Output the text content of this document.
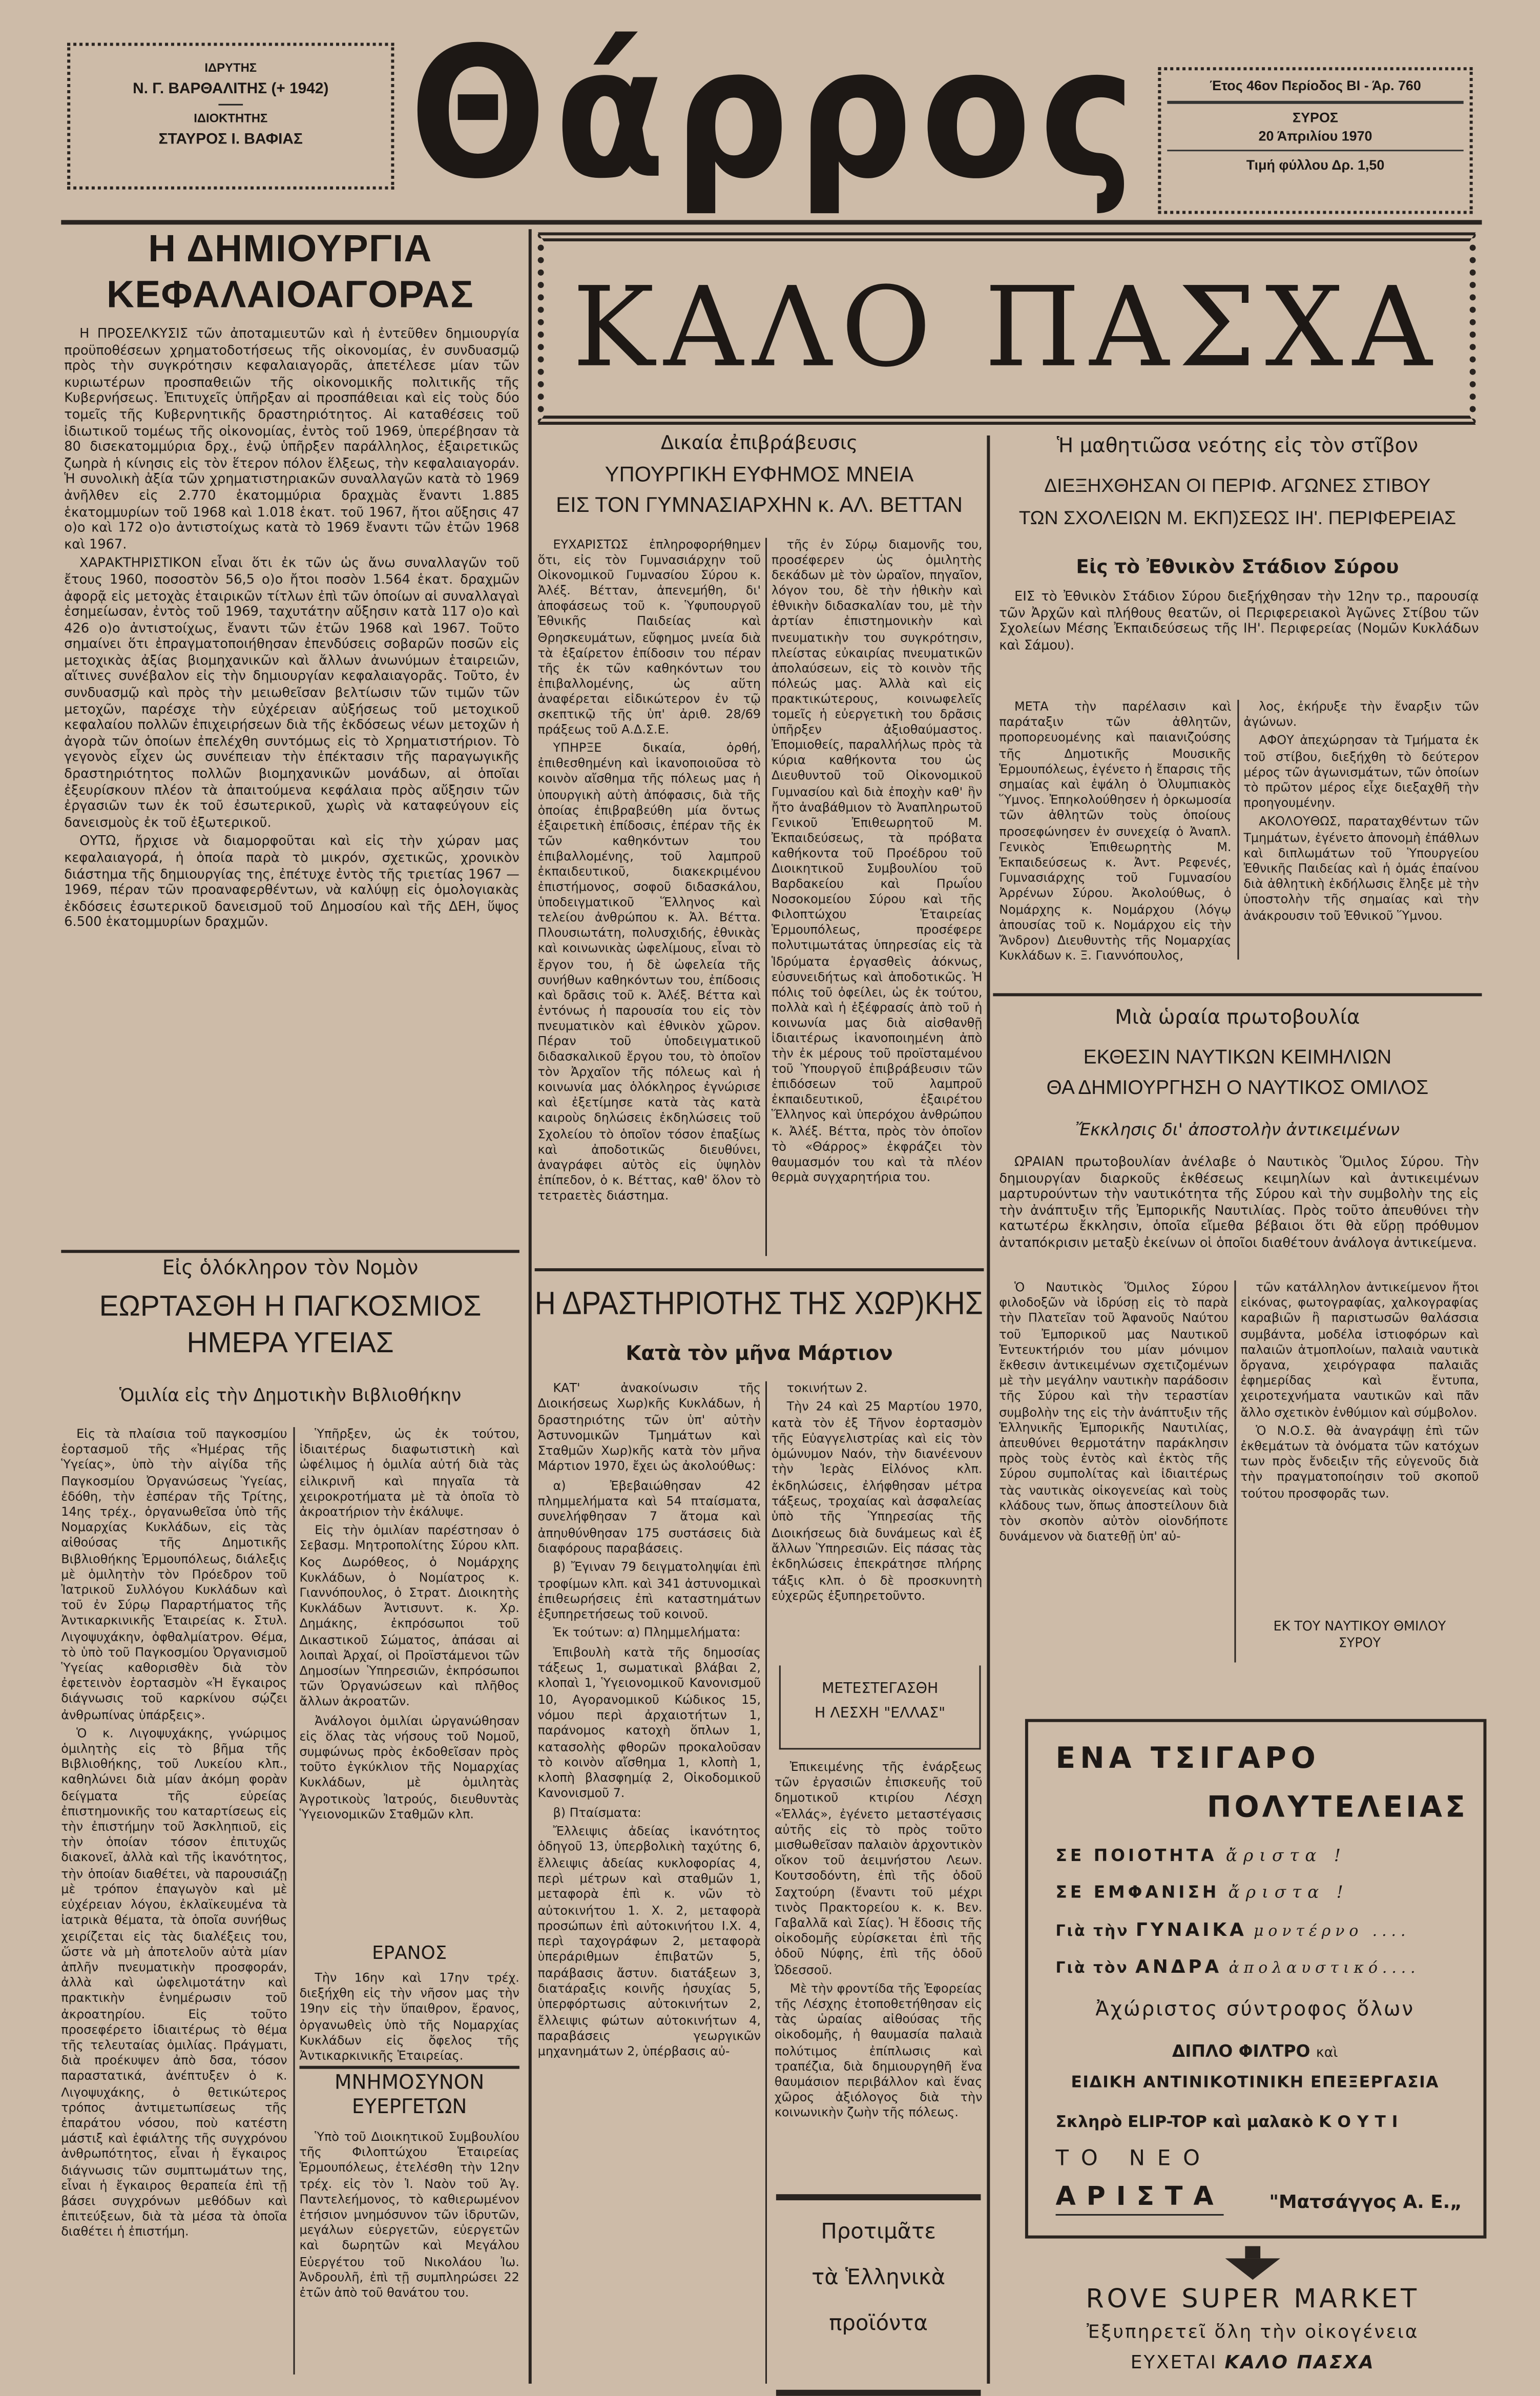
ΙΔΡΥΤΗΣ
Ν. Γ. ΒΑΡΘΑΛΙΤΗΣ (+ 1942)
ΙΔΙΟΚΤΗΤΗΣ
ΣΤΑΥΡΟΣ Ι. ΒΑΦΙΑΣ	Θάρρος	Έτος 46ον Περίοδος ΒΙ - Άρ. 760
ΣΥΡΟΣ
20 Άπριλίου 1970
Τιμή φύλλου Δρ. 1,50
Η ΔΗΜΙΟΥΡΓΙΑ
ΚΕΦΑΛΑΙΟΑΓΟΡΑΣ

Η ΠΡΟΣΕΛΚΥΣΙΣ τῶν ἀποταμιευτῶν καὶ ἡ ἐντεῦθεν δημιουργία προϋποθέσεων χρηματοδοτήσεως τῆς οἰκονομίας, ἐν συνδυασμῷ πρὸς τὴν συγκρότησιν κεφαλαιαγορᾶς, ἀπετέλεσε μίαν τῶν κυριωτέρων προσπαθειῶν τῆς οἰκονομικῆς πολιτικῆς τῆς Κυβερνήσεως. Ἐπιτυχεῖς ὑπῆρξαν αἱ προσπάθειαι καὶ εἰς τοὺς δύο τομεῖς τῆς Κυβερνητικῆς δραστηριότητος. Αἱ καταθέσεις τοῦ ἰδιωτικοῦ τομέως τῆς οἰκονομίας, ἐντὸς τοῦ 1969, ὑπερέβησαν τὰ 80 δισεκατομμύρια δρχ., ἐνῷ ὑπῆρξεν παράλληλος, ἐξαιρετικῶς ζωηρὰ ἡ κίνησις εἰς τὸν ἕτερον πόλον ἕλξεως, τὴν κεφαλαιαγοράν. Ἡ συνολικὴ ἀξία τῶν χρηματιστηριακῶν συναλλαγῶν κατὰ τὸ 1969 ἀνῆλθεν εἰς 2.770 ἑκατομμύρια δραχμὰς ἔναντι 1.885 ἑκατομμυρίων τοῦ 1968 καὶ 1.018 ἑκατ. τοῦ 1967, ἤτοι αὔξησις 47 ο)ο καὶ 172 ο)ο ἀντιστοίχως κατὰ τὸ 1969 ἔναντι τῶν ἐτῶν 1968 καὶ 1967.

ΧΑΡΑΚΤΗΡΙΣΤΙΚΟΝ εἶναι ὅτι ἐκ τῶν ὡς ἄνω συναλλαγῶν τοῦ ἔτους 1960, ποσοστὸν 56,5 ο)ο ἤτοι ποσὸν 1.564 ἑκατ. δραχμῶν ἀφορᾷ εἰς μετοχὰς ἑταιρικῶν τίτλων ἐπὶ τῶν ὁποίων αἱ συναλλαγαὶ ἐσημείωσαν, ἐντὸς τοῦ 1969, ταχυτάτην αὔξησιν κατὰ 117 ο)ο καὶ 426 ο)ο ἀντιστοίχως, ἔναντι τῶν ἐτῶν 1968 καὶ 1967. Τοῦτο σημαίνει ὅτι ἐπραγματοποιήθησαν ἐπενδύσεις σοβαρῶν ποσῶν εἰς μετοχικὰς ἀξίας βιομηχανικῶν καὶ ἄλλων ἀνωνύμων ἑταιρειῶν, αἵτινες συνέβαλον εἰς τὴν δημιουργίαν κεφαλαιαγορᾶς. Τοῦτο, ἐν συνδυασμῷ καὶ πρὸς τὴν μειωθεῖσαν βελτίωσιν τῶν τιμῶν τῶν μετοχῶν, παρέσχε τὴν εὐχέρειαν αὐξήσεως τοῦ μετοχικοῦ κεφαλαίου πολλῶν ἐπιχειρήσεων διὰ τῆς ἐκδόσεως νέων μετοχῶν ἡ ἀγορὰ τῶν ὁποίων ἐπελέχθη συντόμως εἰς τὸ Χρηματιστήριον. Τὸ γεγονὸς εἶχεν ὡς συνέπειαν τὴν ἐπέκτασιν τῆς παραγωγικῆς δραστηριότητος πολλῶν βιομηχανικῶν μονάδων, αἱ ὁποῖαι ἐξευρίσκουν πλέον τὰ ἀπαιτούμενα κεφάλαια πρὸς αὔξησιν τῶν ἐργασιῶν των ἐκ τοῦ ἐσωτερικοῦ, χωρὶς νὰ καταφεύγουν εἰς δανεισμοὺς ἐκ τοῦ ἐξωτερικοῦ.

ΟΥΤΩ, ἤρχισε νὰ διαμορφοῦται καὶ εἰς τὴν χώραν μας κεφαλαιαγορά, ἡ ὁποία παρὰ τὸ μικρόν, σχετικῶς, χρονικὸν διάστημα τῆς δημιουργίας της, ἐπέτυχε ἐντὸς τῆς τριετίας 1967 — 1969, πέραν τῶν προαναφερθέντων, νὰ καλύψῃ εἰς ὁμολογιακὰς ἐκδόσεις ἐσωτερικοῦ δανεισμοῦ τοῦ Δημοσίου καὶ τῆς ΔΕΗ, ὕψος 6.500 ἑκατομμυρίων δραχμῶν.

Εἰς ὁλόκληρον τὸν Νομὸν
ΕΩΡΤΑΣΘΗ Η ΠΑΓΚΟΣΜΙΟΣ
ΗΜΕΡΑ ΥΓΕΙΑΣ
Ὁμιλία εἰς τὴν Δημοτικὴν Βιβλιοθήκην

Εἰς τὰ πλαίσια τοῦ παγκοσμίου ἑορτασμοῦ τῆς «Ἡμέρας τῆς Ὑγείας», ὑπὸ τὴν αἰγίδα τῆς Παγκοσμίου Ὀργανώσεως Ὑγείας, ἐδόθη, τὴν ἑσπέραν τῆς Τρίτης, 14ης τρέχ., ὀργανωθεῖσα ὑπὸ τῆς Νομαρχίας Κυκλάδων, εἰς τὰς αἰθούσας τῆς Δημοτικῆς Βιβλιοθήκης Ἑρμουπόλεως, διάλεξις μὲ ὁμιλητὴν τὸν Πρόεδρον τοῦ Ἰατρικοῦ Συλλόγου Κυκλάδων καὶ τοῦ ἐν Σύρῳ Παραρτήματος τῆς Ἀντικαρκινικῆς Ἑταιρείας κ. Στυλ. Λιγοψυχάκην, ὀφθαλμίατρον. Θέμα, τὸ ὑπὸ τοῦ Παγκοσμίου Ὀργανισμοῦ Ὑγείας καθορισθὲν διὰ τὸν ἐφετεινὸν ἑορτασμὸν «Ἡ ἔγκαιρος διάγνωσις τοῦ καρκίνου σῴζει ἀνθρωπίνας ὑπάρξεις».

Ὁ κ. Λιγοψυχάκης, γνώριμος ὁμιλητὴς εἰς τὸ βῆμα τῆς Βιβλιοθήκης, τοῦ Λυκείου κλπ., καθηλώνει διὰ μίαν ἀκόμη φορὰν δείγματα τῆς εὐρείας ἐπιστημονικῆς του καταρτίσεως εἰς τὴν ἐπιστήμην τοῦ Ἀσκληπιοῦ, εἰς τὴν ὁποίαν τόσον ἐπιτυχῶς διακονεῖ, ἀλλὰ καὶ τῆς ἱκανότητος, τὴν ὁποίαν διαθέτει, νὰ παρουσιάζῃ μὲ τρόπον ἐπαγωγὸν καὶ μὲ εὐχέρειαν λόγου, ἐκλαϊκευμένα τὰ ἰατρικὰ θέματα, τὰ ὁποῖα συνήθως χειρίζεται εἰς τὰς διαλέξεις του, ὥστε νὰ μὴ ἀποτελοῦν αὐτὰ μίαν ἀπλῆν πνευματικὴν προσφοράν, ἀλλὰ καὶ ὠφελιμοτάτην καὶ πρακτικὴν ἐνημέρωσιν τοῦ ἀκροατηρίου. Εἰς τοῦτο προσεφέρετο ἰδιαιτέρως τὸ θέμα τῆς τελευταίας ὁμιλίας. Πράγματι, διὰ προέκυψεν ἀπὸ δσα, τόσον παραστατικά, ἀνέπτυξεν ὁ κ. Λιγοψυχάκης, ὁ θετικώτερος τρόπος ἀντιμετωπίσεως τῆς ἐπαράτου νόσου, ποὺ κατέστη μάστιξ καὶ ἐφιάλτης τῆς συγχρόνου ἀνθρωπότητος, εἶναι ἡ ἔγκαιρος διάγνωσις τῶν συμπτωμάτων της, εἶναι ἡ ἔγκαιρος θεραπεία ἐπὶ τῇ βάσει συγχρόνων μεθόδων καὶ ἐπιτεύξεων, διὰ τὰ μέσα τὰ ὁποῖα διαθέτει ἡ ἐπιστήμη.

Ὑπῆρξεν, ὡς ἐκ τούτου, ἰδιαιτέρως διαφωτιστικὴ καὶ ὠφέλιμος ἡ ὁμιλία αὐτή διὰ τὰς εἰλικρινῆ καὶ πηγαῖα τὰ χειροκροτήματα μὲ τὰ ὁποῖα τὸ ἀκροατήριον τὴν ἐκάλυψε.

Εἰς τὴν ὁμιλίαν παρέστησαν ὁ Σεβασμ. Μητροπολίτης Σύρου κλπ. Κος Δωρόθεος, ὁ Νομάρχης Κυκλάδων, ὁ Νομίατρος κ. Γιαννόπουλος, ὁ Στρατ. Διοικητὴς Κυκλάδων Ἀντισυντ. κ. Χρ. Δημάκης, ἐκπρόσωποι τοῦ Δικαστικοῦ Σώματος, ἀπάσαι αἱ λοιπαὶ Ἀρχαί, οἱ Προϊστάμενοι τῶν Δημοσίων Ὑπηρεσιῶν, ἐκπρόσωποι τῶν Ὀργανώσεων καὶ πλῆθος ἄλλων ἀκροατῶν.

Ἀνάλογοι ὁμιλίαι ὠργανώθησαν εἰς ὅλας τὰς νήσους τοῦ Νομοῦ, συμφώνως πρὸς ἐκδοθεῖσαν πρὸς τοῦτο ἐγκύκλιον τῆς Νομαρχίας Κυκλάδων, μὲ ὁμιλητὰς Ἀγροτικοὺς Ἰατρούς, διευθυντὰς Ὑγειονομικῶν Σταθμῶν κλπ.

ΕΡΑΝΟΣ

Τὴν 16ην καὶ 17ην τρέχ. διεξήχθη εἰς τὴν νῆσον μας τὴν 19ην εἰς τὴν ὕπαιθρον, ἔρανος, ὀργανωθεὶς ὑπὸ τῆς Νομαρχίας Κυκλάδων εἰς ὄφελος τῆς Ἀντικαρκινικῆς Ἑταιρείας.

ΜΝΗΜΟΣΥΝΟΝ
ΕΥΕΡΓΕΤΩΝ

Ὑπὸ τοῦ Διοικητικοῦ Συμβουλίου τῆς Φιλοπτώχου Ἑταιρείας Ἑρμουπόλεως, ἐτελέσθη τὴν 12ην τρέχ. εἰς τὸν Ἱ. Ναὸν τοῦ Ἁγ. Παντελεήμονος, τὸ καθιερωμένον ἐτήσιον μνημόσυνον τῶν ἱδρυτῶν, μεγάλων εὐεργετῶν, εὐεργετῶν καὶ δωρητῶν καὶ Μεγάλου Εὐεργέτου τοῦ Νικολάου Ἰω. Ἀνδρουλῆ, ἐπὶ τῇ συμπληρώσει 22 ἐτῶν ἀπὸ τοῦ θανάτου του.

ΚΑΛΟ ΠΑΣΧΑ
Δικαία ἐπιβράβευσις
ΥΠΟΥΡΓΙΚΗ ΕΥΦΗΜΟΣ ΜΝΕΙΑ
ΕΙΣ ΤΟΝ ΓΥΜΝΑΣΙΑΡΧΗΝ κ. ΑΛ. ΒΕΤΤΑΝ

ΕΥΧΑΡΙΣΤΩΣ ἐπληροφορήθημεν ὅτι, εἰς τὸν Γυμνασιάρχην τοῦ Οἰκονομικοῦ Γυμνασίου Σύρου κ. Ἀλέξ. Βέτταν, ἀπενεμήθη, δι' ἀποφάσεως τοῦ κ. Ὑφυπουργοῦ Ἐθνικῆς Παιδείας καὶ Θρησκευμάτων, εὔφημος μνεία διὰ τὰ ἐξαίρετον ἐπίδοσιν του πέραν τῆς ἐκ τῶν καθηκόντων του ἐπιβαλλομένης, ὡς αὕτη ἀναφέρεται εἰδικώτερον ἐν τῷ σκεπτικῷ τῆς ὑπ' ἀριθ. 28/69 πράξεως τοῦ Α.Δ.Σ.Ε.

ΥΠΗΡΞΕ δικαία, ὀρθή, ἐπιθεσθημένη καὶ ἱκανοποιοῦσα τὸ κοινὸν αἴσθημα τῆς πόλεως μας ἡ ὑπουργικὴ αὐτὴ ἀπόφασις, διὰ τῆς ὁποίας ἐπιβραβεύθη μία ὄντως ἐξαιρετικὴ ἐπίδοσις, ἐπέραν τῆς ἐκ τῶν καθηκόντων του ἐπιβαλλομένης, τοῦ λαμπροῦ ἐκπαιδευτικοῦ, διακεκριμένου ἐπιστήμονος, σοφοῦ διδασκάλου, ὑποδειγματικοῦ Ἕλληνος καὶ τελείου ἀνθρώπου κ. Ἀλ. Βέττα. Πλουσιωτάτη, πολυσχιδής, ἐθνικὰς καὶ κοινωνικὰς ὠφελίμους, εἶναι τὸ ἔργον του, ἡ δὲ ὠφελεία τῆς συνήθων καθηκόντων του, ἐπίδοσις καὶ δρᾶσις τοῦ κ. Ἀλέξ. Βέττα καὶ ἐντόνως ἡ παρουσία του εἰς τὸν πνευματικὸν καὶ ἐθνικὸν χῶρον. Πέραν τοῦ ὑποδειγματικοῦ διδασκαλικοῦ ἔργου του, τὸ ὁποῖον τὸν Ἀρχαῖον τῆς πόλεως καὶ ἡ κοινωνία μας ὁλόκληρος ἐγνώρισε καὶ ἐξετίμησε κατὰ τὰς κατὰ καιροὺς δηλώσεις ἐκδηλώσεις τοῦ Σχολείου τὸ ὁποῖον τόσον ἐπαξίως καὶ ἀποδοτικῶς διευθύνει, ἀναγράφει αὐτὸς εἰς ὑψηλὸν ἐπίπεδον, ὁ κ. Βέττας, καθ' ὅλον τὸ τετραετὲς διάστημα.

τῆς ἐν Σύρῳ διαμονῆς του, προσέφερεν ὡς ὁμιλητὴς δεκάδων μὲ τὸν ὡραῖον, πηγαῖον, λόγον του, δὲ τὴν ἠθικὴν καὶ ἐθνικὴν διδασκαλίαν του, μὲ τὴν ἀρτίαν ἐπιστημονικὴν καὶ πνευματικὴν του συγκρότησιν, πλείστας εὐκαιρίας πνευματικῶν ἀπολαύσεων, εἰς τὸ κοινὸν τῆς πόλεώς μας. Ἀλλὰ καὶ εἰς πρακτικώτερους, κοινωφελεῖς τομεῖς ἡ εὐεργετικὴ του δρᾶσις ὑπῆρξεν ἀξιοθαύμαστος. Ἐπομιοθείς, παραλλήλως πρὸς τὰ κύρια καθήκοντα του ὡς Διευθυντοῦ τοῦ Οἰκονομικοῦ Γυμνασίου καὶ διὰ ἐποχὴν καθ' ἣν ἤτο ἀναβάθμιον τὸ Ἀναπληρωτοῦ Γενικοῦ Ἐπιθεωρητοῦ Μ. Ἐκπαιδεύσεως, τὰ πρόβατα καθήκοντα τοῦ Προέδρου τοῦ Διοικητικοῦ Συμβουλίου τοῦ Βαρδακείου καὶ Πρωΐου Νοσοκομείου Σύρου καὶ τῆς Φιλοπτώχου Ἑταιρείας Ἑρμουπόλεως, προσέφερε πολυτιμωτάτας ὑπηρεσίας εἰς τὰ Ἱδρύματα ἐργασθεὶς ἀόκνως, εὐσυνειδήτως καὶ ἀποδοτικῶς. Ἡ πόλις τοῦ ὀφείλει, ὡς ἐκ τούτου, πολλὰ καὶ ἡ ἐξέφρασίς ἀπὸ τοῦ ἡ κοινωνία μας διὰ αἰσθανθῇ ἰδιαιτέρως ἱκανοποιημένη ἀπὸ τὴν ἐκ μέρους τοῦ προϊσταμένου τοῦ Ὑπουργοῦ ἐπιβράβευσιν τῶν ἐπιδόσεων τοῦ λαμπροῦ ἐκπαιδευτικοῦ, ἐξαιρέτου Ἕλληνος καὶ ὑπερόχου ἀνθρώπου κ. Ἀλέξ. Βέττα, πρὸς τὸν ὁποῖον τὸ «Θάρρος» ἐκφράζει τὸν θαυμασμόν του καὶ τὰ πλέον θερμὰ συγχαρητήρια του.

Η ΔΡΑΣΤΗΡΙΟΤΗΣ ΤΗΣ ΧΩΡ)ΚΗΣ
Κατὰ τὸν μῆνα Μάρτιον

ΚΑΤ' ἀνακοίνωσιν τῆς Διοικήσεως Χωρ)κῆς Κυκλάδων, ἡ δραστηριότης τῶν ὑπ' αὐτὴν Ἀστυνομικῶν Τμημάτων καὶ Σταθμῶν Χωρ)κῆς κατὰ τὸν μῆνα Μάρτιον 1970, ἔχει ὡς ἀκολούθως:

α) Ἐβεβαιώθησαν 42 πλημμελήματα καὶ 54 πταίσματα, συνελήφθησαν 7 ἄτομα καὶ ἀπηυθύνθησαν 175 συστάσεις διὰ διαφόρους παραβάσεις.

β) Ἔγιναν 79 δειγματοληψίαι ἐπὶ τροφίμων κλπ. καὶ 341 ἀστυνομικαὶ ἐπιθεωρήσεις ἐπὶ καταστημάτων ἐξυπηρετήσεως τοῦ κοινοῦ.

Ἐκ τούτων: α) Πλημμελήματα:

Ἐπιβουλὴ κατὰ τῆς δημοσίας τάξεως 1, σωματικαὶ βλάβαι 2, κλοπαὶ 1, Ὑγειονομικοῦ Κανονισμοῦ 10, Αγορανομικοῦ Κώδικος 15, νόμου περὶ ἀρχαιοτήτων 1, παράνομος κατοχὴ ὅπλων 1, κατασολὴς φθορῶν προκαλοῦσαν τὸ κοινὸν αἴσθημα 1, κλοπὴ 1, κλοπὴ βλασφημίᾳ 2, Οἰκοδομικοῦ Κανονισμοῦ 7.

β) Πταίσματα:

Ἔλλειψις ἀδείας ἱκανότητος ὁδηγοῦ 13, ὑπερβολικὴ ταχύτης 6, ἔλλειψις ἀδείας κυκλοφορίας 4, περὶ μέτρων καὶ σταθμῶν 1, μεταφορὰ ἐπὶ κ. νῶν τὸ αὐτοκινήτου 1. Χ. 2, μεταφορὰ προσώπων ἐπὶ αὐτοκινήτου Ι.Χ. 4, περὶ ταχογράφων 2, μεταφορὰ ὑπεράριθμων ἐπιβατῶν 5, παράβασις ἄστυν. διατάξεων 3, διατάραξις κοινῆς ἡσυχίας 5, ὑπερφόρτωσις αὐτοκινήτων 2, ἔλλειψις φώτων αὐτοκινήτων 4, παραβάσεις γεωργικῶν μηχανημάτων 2, ὑπέρβασις αὐ-

τοκινήτων 2.

Τὴν 24 καὶ 25 Μαρτίου 1970, κατὰ τὸν ἐξ Τῆνον ἑορτασμὸν τῆς Εὐαγγελιστρίας καὶ εἰς τὸν ὁμώνυμον Ναόν, τὴν διανέενουν τὴν Ἱερὰς Εἰλόνος κλπ. ἐκδηλώσεις, ἐλήφθησαν μέτρα τάξεως, τροχαίας καὶ ἀσφαλείας ὑπὸ τῆς Ὑπηρεσίας τῆς Διοικήσεως διὰ δυνάμεως καὶ ἐξ ἄλλων Ὑπηρεσιῶν. Εἰς πάσας τὰς ἐκδηλώσεις ἐπεκράτησε πλήρης τάξις κλπ. ὁ δὲ προσκυνητὴ εὐχερῶς ἐξυπηρετοῦντο.

ΜΕΤΕΣΤΕΓΑΣΘΗ
Η ΛΕΣΧΗ "ΕΛΛΑΣ"

Ἐπικειμένης τῆς ἐνάρξεως τῶν ἐργασιῶν ἐπισκευῆς τοῦ δημοτικοῦ κτιρίου Λέσχη «Ἑλλάς», ἐγένετο μεταστέγασις αὐτῆς εἰς τὸ πρὸς τοῦτο μισθωθεῖσαν παλαιὸν ἀρχοντικὸν οἴκον τοῦ ἀειμνήστου Λεων. Κουτσοδόντη, ἐπὶ τῆς ὁδοῦ Σαχτούρη (ἔναντι τοῦ μέχρι τινὸς Πρακτορείου κ. κ. Βεν. Γαβαλλᾶ καὶ Σίας). Ἡ ἔδοσις τῆς οἰκοδομῆς εὑρίσκεται ἐπὶ τῆς ὁδοῦ Νύφης, ἐπὶ τῆς ὁδοῦ Ὠδεσσοῦ.

Μὲ τὴν φροντίδα τῆς Ἐφορείας τῆς Λέσχης ἐτοποθετήθησαν εἰς τὰς ὡραίας αἰθούσας τῆς οἰκοδομῆς, ἡ θαυμασία παλαιὰ πολύτιμος ἐπίπλωσις καὶ τραπέζια, διὰ δημιουργηθῆ ἕνα θαυμάσιον περιβάλλον καὶ ἕνας χῶρος ἀξιόλογος διὰ τὴν κοινωνικὴν ζωὴν τῆς πόλεως.

Προτιμᾶτε
τὰ Ἑλληνικὰ
προϊόντα
Ἡ μαθητιῶσα νεότης εἰς τὸν στῖβον
ΔΙΕΞΗΧΘΗΣΑΝ ΟΙ ΠΕΡΙΦ. ΑΓΩΝΕΣ ΣΤΙΒΟΥ
ΤΩΝ ΣΧΟΛΕΙΩΝ Μ. ΕΚΠ)ΣΕΩΣ ΙΗ'. ΠΕΡΙΦΕΡΕΙΑΣ
Εἰς τὸ Ἐθνικὸν Στάδιον Σύρου

ΕΙΣ τὸ Ἐθνικὸν Στάδιον Σύρου διεξήχθησαν τὴν 12ην τρ., παρουσίᾳ τῶν Ἀρχῶν καὶ πλήθους θεατῶν, οἱ Περιφερειακοὶ Ἀγῶνες Στίβου τῶν Σχολείων Μέσης Ἐκπαιδεύσεως τῆς ΙΗ'. Περιφερείας (Νομῶν Κυκλάδων καὶ Σάμου).

ΜΕΤΑ τὴν παρέλασιν καὶ παράταξιν τῶν ἀθλητῶν, προπορευομένης καὶ παιανιζούσης τῆς Δημοτικῆς Μουσικῆς Ἑρμουπόλεως, ἐγένετο ἡ ἔπαρσις τῆς σημαίας καὶ ἐψάλη ὁ Ὀλυμπιακὸς Ὕμνος. Ἐπηκολούθησεν ἡ ὁρκωμοσία τῶν ἀθλητῶν τοὺς ὁποίους προσεφώνησεν ἐν συνεχείᾳ ὁ Ἀναπλ. Γενικὸς Ἐπιθεωρητὴς Μ. Ἐκπαιδεύσεως κ. Ἀντ. Ρεφενές, Γυμνασιάρχης τοῦ Γυμνασίου Ἀρρένων Σύρου. Ἀκολούθως, ὁ Νομάρχης κ. Νομάρχου (λόγῳ ἀπουσίας τοῦ κ. Νομάρχου εἰς τὴν Ἄνδρον) Διευθυντὴς τῆς Νομαρχίας Κυκλάδων κ. Ξ. Γιαννόπουλος,

λος, ἐκήρυξε τὴν ἔναρξιν τῶν ἀγώνων.

ΑΦΟΥ ἀπεχώρησαν τὰ Τμήματα ἐκ τοῦ στίβου, διεξήχθη τὸ δεύτερον μέρος τῶν ἀγωνισμάτων, τῶν ὁποίων τὸ πρῶτον μέρος εἶχε διεξαχθῆ τὴν προηγουμένην.

ΑΚΟΛΟΥΘΩΣ, παραταχθέντων τῶν Τμημάτων, ἐγένετο ἀπονομὴ ἐπάθλων καὶ διπλωμάτων τοῦ Ὑπουργείου Ἐθνικῆς Παιδείας καὶ ἡ ὁμάς ἐπαίνου διὰ ἀθλητικὴ ἐκδήλωσις ἔληξε μὲ τὴν ὑποστολὴν τῆς σημαίας καὶ τὴν ἀνάκρουσιν τοῦ Ἐθνικοῦ Ὕμνου.

Μιὰ ὡραία πρωτοβουλία
ΕΚΘΕΣΙΝ ΝΑΥΤΙΚΩΝ ΚΕΙΜΗΛΙΩΝ
ΘΑ ΔΗΜΙΟΥΡΓΗΣΗ Ο ΝΑΥΤΙΚΟΣ ΟΜΙΛΟΣ
Ἔκκλησις δι' ἀποστολὴν ἀντικειμένων

ΩΡΑΙΑΝ πρωτοβουλίαν ἀνέλαβε ὁ Ναυτικὸς Ὅμιλος Σύρου. Τὴν δημιουργίαν διαρκοῦς ἐκθέσεως κειμηλίων καὶ ἀντικειμένων μαρτυρούντων τὴν ναυτικότητα τῆς Σύρου καὶ τὴν συμβολὴν της εἰς τὴν ἀνάπτυξιν τῆς Ἐμπορικῆς Ναυτιλίας. Πρὸς τοῦτο ἀπευθύνει τὴν κατωτέρω ἔκκλησιν, ὁποῖα εἴμεθα βέβαιοι ὅτι θὰ εὕρῃ πρόθυμον ἀνταπόκρισιν μεταξὺ ἐκείνων οἱ ὁποῖοι διαθέτουν ἀνάλογα ἀντικείμενα.

Ὁ Ναυτικὸς Ὅμιλος Σύρου φιλοδοξῶν νὰ ἱδρύσῃ εἰς τὸ παρὰ τὴν Πλατεῖαν τοῦ Ἀφανοῦς Ναύτου τοῦ Ἐμπορικοῦ μας Ναυτικοῦ Ἐντευκτήριόν του μίαν μόνιμον ἔκθεσιν ἀντικειμένων σχετιζομένων μὲ τὴν μεγάλην ναυτικὴν παράδοσιν τῆς Σύρου καὶ τὴν τεραστίαν συμβολὴν της εἰς τὴν ἀνάπτυξιν τῆς Ἑλληνικῆς Ἐμπορικῆς Ναυτιλίας, ἀπευθύνει θερμοτάτην παράκλησιν πρὸς τοὺς ἐντὸς καὶ ἐκτὸς τῆς Σύρου συμπολίτας καὶ ἰδιαιτέρως τὰς ναυτικὰς οἰκογενείας καὶ τοὺς κλάδους των, ὅπως ἀποστείλουν διὰ τὸν σκοπὸν αὐτὸν οἱονδήποτε δυνάμενον νὰ διατεθῇ ὑπ' αὐ-

τῶν κατάλληλον ἀντικείμενον ἤτοι εἰκόνας, φωτογραφίας, χαλκογραφίας καραβιῶν ἢ παριστωσῶν θαλάσσια συμβάντα, μοδέλα ἱστιοφόρων καὶ παλαιῶν ἀτμοπλοίων, παλαιὰ ναυτικὰ ὄργανα, χειρόγραφα παλαιᾶς ἐφημερίδας καὶ ἔντυπα, χειροτεχνήματα ναυτικῶν καὶ πᾶν ἄλλο σχετικὸν ἐνθύμιον καὶ σύμβολον.

Ὁ Ν.Ο.Σ. θὰ ἀναγράψῃ ἐπὶ τῶν ἐκθεμάτων τὰ ὀνόματα τῶν κατόχων των πρὸς ἔνδειξιν τῆς εὐγενοῦς διὰ τὴν πραγματοποίησιν τοῦ σκοποῦ τούτου προσφορᾶς των.

ΕΚ ΤΟΥ ΝΑΥΤΙΚΟΥ ΘΜΙΛΟΥ
ΣΥΡΟΥ
ΕΝΑ ΤΣΙΓΑΡΟ
ΠΟΛΥΤΕΛΕΙΑΣ
ΣΕ ΠΟΙΟΤΗΤΑ ἄριστα !
ΣΕ ΕΜΦΑΝΙΣΗ ἄριστα !
Γιὰ τὴν ΓΥΝΑΙΚΑ μοντέρνο ....
Γιὰ τὸν ΑΝΔΡΑ ἀπολαυστικό....
Ἀχώριστος σύντροφος ὅλων
ΔΙΠΛΟ ΦΙΛΤΡΟ καὶ
ΕΙΔΙΚΗ ΑΝΤΙΝΙΚΟΤΙΝΙΚΗ ΕΠΕΞΕΡΓΑΣΙΑ
Σκληρὸ ELIP-TOP καὶ μαλακὸ ΚΟΥΤΙ
ΤΟ ΝΕΟ
ΑΡΙΣΤΑ	"Ματσάγγος Α. Ε.„
ROVE SUPER MARKET
Ἐξυπηρετεῖ ὅλη τὴν οἰκογένεια
ΕΥΧΕΤΑΙ ΚΑΛΟ ΠΑΣΧΑ
